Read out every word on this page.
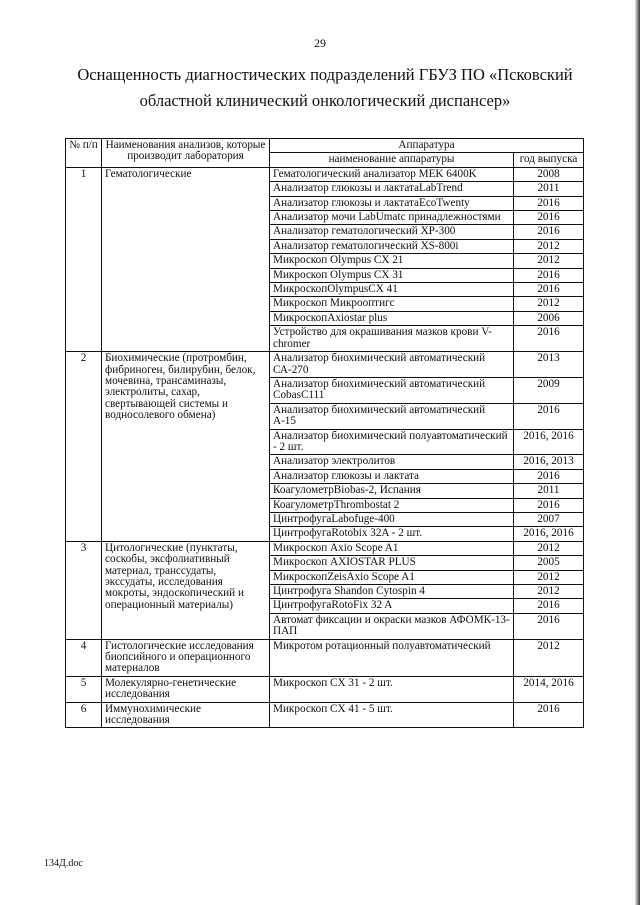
29
Оснащенность диагностических подразделений ГБУЗ ПО «Псковский
областной клинический онкологический диспансер»
№ п/п	Наименования анализов, которые производит лаборатория	Аппаратура	
		наименование аппаратуры	год выпуска
1	Гематологические	Гематологический анализатор MEK 6400K	2008
		Анализатор глюкозы и лактатаLabTrend	2011
		Анализатор глюкозы и лактатаEcoTwenty	2016
		Анализатор мочи LabUmatc принадлежностями	2016
		Анализатор гематологический XP-300	2016
		Анализатор гематологический XS-800i	2012
		Микроскоп Olympus CX 21	2012
		Микроскоп Olympus CX 31	2016
		МикроскопOlympusCX 41	2016
		Микроскоп Микрооптигс	2012
		МикроскопAxiostar plus	2006
		Устройство для окрашивания мазков крови V-chromer	2016
2	Биохимические (протромбин, фибриноген, билирубин, белок, мочевина, трансаминазы, электролиты, сахар, свертывающей системы и водносолевого обмена)	Анализатор биохимический автоматический СА-270	2013
		Анализатор биохимический автоматический CobasC111	2009
		Анализатор биохимический автоматический А-15	2016
		Анализатор биохимический полуавтоматический - 2 шт.	2016, 2016
		Анализатор электролитов	2016, 2013
		Анализатор глюкозы и лактата	2016
		КоагулометрBiobas-2, Испания	2011
		КоагулометрThrombostat 2	2016
		ЦинтрофугаLabofuge-400	2007
		ЦинтрофугаRotobix 32A - 2 шт.	2016, 2016
3	Цитологические (пунктаты, соскобы, эксфолиативный материал, транссудаты, экссудаты, исследования мокроты, эндоскопический и операционный материалы)	Микроскоп Axio Scope A1	2012
		Микроскоп AXIOSTAR PLUS	2005
		МикроскопZeisAxio Scope A1	2012
		Цинтрофуга Shandon Cytospin 4	2012
		ЦинтрофугаRotoFix 32 A	2016
		Автомат фиксации и окраски мазков АФОМК-13-ПАП	2016
4	Гистологические исследования биопсийного и операционного материалов	Микротом ротационный полуавтоматический	2012
5	Молекулярно-генетические исследования	Микроскоп CX 31 - 2 шт.	2014, 2016
6	Иммунохимические исследования	Микроскоп CX 41 - 5 шт.	2016
134Д.doc
